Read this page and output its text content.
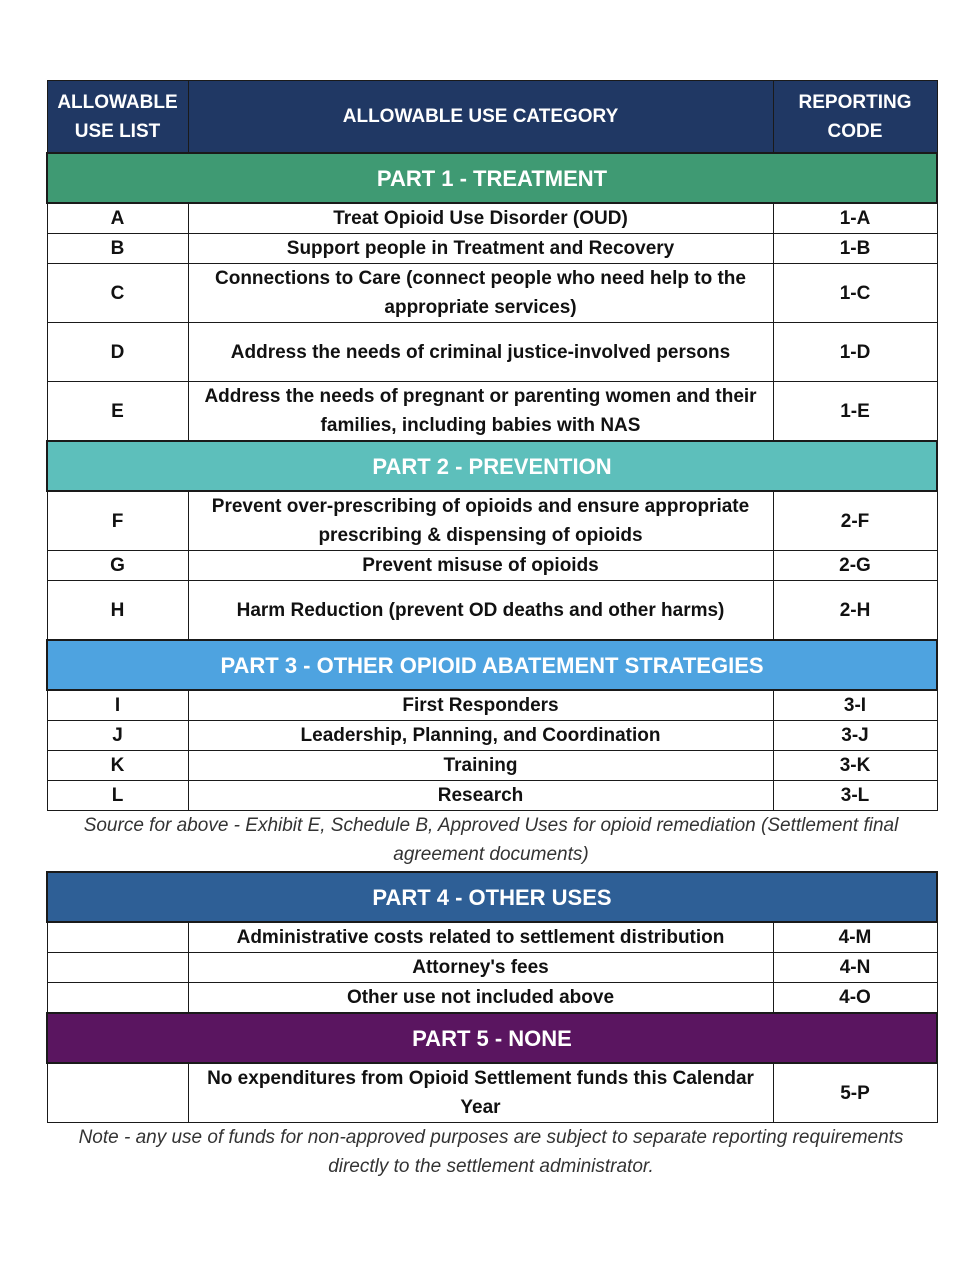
ALLOWABLE USE LIST	ALLOWABLE USE CATEGORY	REPORTING CODE
PART 1 - TREATMENT		
A	Treat Opioid Use Disorder (OUD)	1-A
B	Support people in Treatment and Recovery	1-B
C	Connections to Care (connect people who need help to the appropriate services)	1-C
D	Address the needs of criminal justice-involved persons	1-D
E	Address the needs of pregnant or parenting women and their families, including babies with NAS	1-E
PART 2 - PREVENTION		
F	Prevent over-prescribing of opioids and ensure appropriate prescribing & dispensing of opioids	2-F
G	Prevent misuse of opioids	2-G
H	Harm Reduction (prevent OD deaths and other harms)	2-H
PART 3 - OTHER OPIOID ABATEMENT STRATEGIES		
I	First Responders	3-I
J	Leadership, Planning, and Coordination	3-J
K	Training	3-K
L	Research	3-L
Source for above - Exhibit E, Schedule B, Approved Uses for opioid remediation (Settlement final agreement documents)
PART 4 - OTHER USES		
	Administrative costs related to settlement distribution	4-M
	Attorney's fees	4-N
	Other use not included above	4-O
PART 5 - NONE		
	No expenditures from Opioid Settlement funds this Calendar Year	5-P
Note - any use of funds for non-approved purposes are subject to separate reporting requirements directly to the settlement administrator.
